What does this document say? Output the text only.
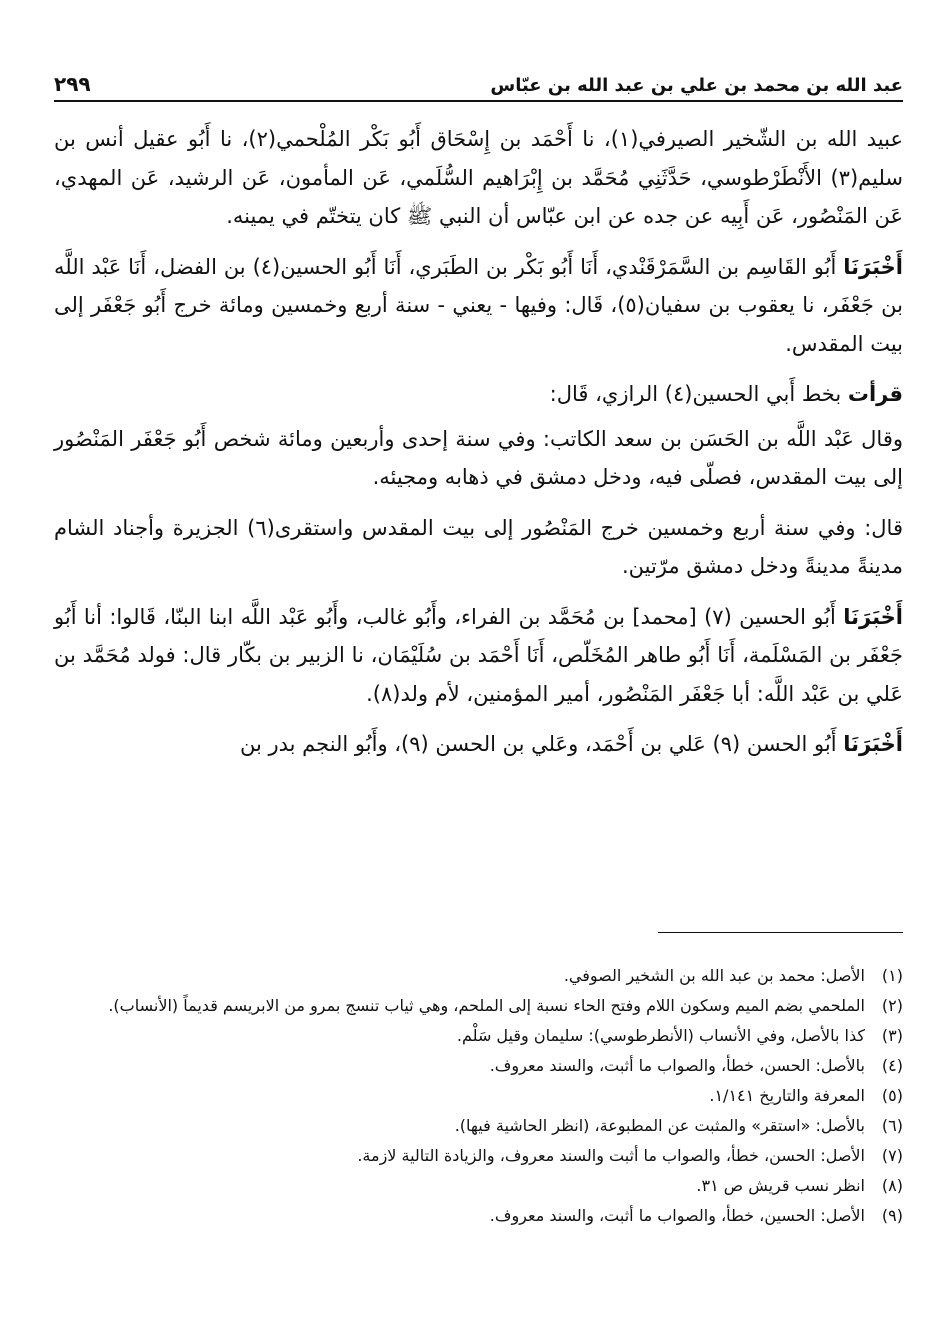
٢٩٩	عبد الله بن محمد بن علي بن عبد الله بن عبّاس

عبيد الله بن الشّخير الصيرفي(١)، نا أَحْمَد بن إِسْحَاق أَبُو بَكْر المُلْحمي(٢)، نا أَبُو عقيل أنس بن سليم(٣) الأَنْطَرْطوسي، حَدَّثَنِي مُحَمَّد بن إِبْرَاهيم السُّلَمي، عَن المأمون، عَن الرشيد، عَن المهدي، عَن المَنْصُور، عَن أَبِيه عن جده عن ابن عبّاس أن النبي ﷺ كان يتختّم في يمينه.

أَخْبَرَنَا أَبُو القَاسِم بن السَّمَرْقَنْدي، أَنَا أَبُو بَكْر بن الطَبَري، أَنَا أَبُو الحسين(٤) بن الفضل، أَنَا عَبْد اللَّه بن جَعْفَر، نا يعقوب بن سفيان(٥)، قَال: وفيها - يعني - سنة أربع وخمسين ومائة خرج أَبُو جَعْفَر إلى بيت المقدس.

قرأت بخط أَبي الحسين(٤) الرازي، قَال:

وقال عَبْد اللَّه بن الحَسَن بن سعد الكاتب: وفي سنة إحدى وأربعين ومائة شخص أَبُو جَعْفَر المَنْصُور إلى بيت المقدس، فصلّى فيه، ودخل دمشق في ذهابه ومجيئه.

قال: وفي سنة أربع وخمسين خرج المَنْصُور إلى بيت المقدس واستقرى(٦) الجزيرة وأجناد الشام مدينةً مدينةً ودخل دمشق مرّتين.

أَخْبَرَنَا أَبُو الحسين (٧) [محمد] بن مُحَمَّد بن الفراء، وأَبُو غالب، وأَبُو عَبْد اللَّه ابنا البنّا، قَالوا: أنا أَبُو جَعْفَر بن المَسْلَمة، أَنَا أَبُو طاهر المُخَلّص، أَنَا أَحْمَد بن سُلَيْمَان، نا الزبير بن بكّار قال: فولد مُحَمَّد بن عَلي بن عَبْد اللَّه: أبا جَعْفَر المَنْصُور، أمير المؤمنين، لأم ولد(٨).

أَخْبَرَنَا أَبُو الحسن (٩) عَلي بن أَحْمَد، وعَلي بن الحسن (٩)، وأَبُو النجم بدر بن

(١)
الأصل: محمد بن عبد الله بن الشخير الصوفي.
(٢)
الملحمي بضم الميم وسكون اللام وفتح الحاء نسبة إلى الملحم، وهي ثياب تنسج بمرو من الابريسم قديماً (الأنساب).
(٣)
كذا بالأصل، وفي الأنساب (الأنطرطوسي): سليمان وقيل سَلْم.
(٤)
بالأصل: الحسن، خطأ، والصواب ما أثبت، والسند معروف.
(٥)
المعرفة والتاريخ ١/١٤١.
(٦)
بالأصل: «استقر» والمثبت عن المطبوعة، (انظر الحاشية فيها).
(٧)
الأصل: الحسن، خطأ، والصواب ما أثبت والسند معروف، والزيادة التالية لازمة.
(٨)
انظر نسب قريش ص ٣١.
(٩)
الأصل: الحسين، خطأ، والصواب ما أثبت، والسند معروف.
